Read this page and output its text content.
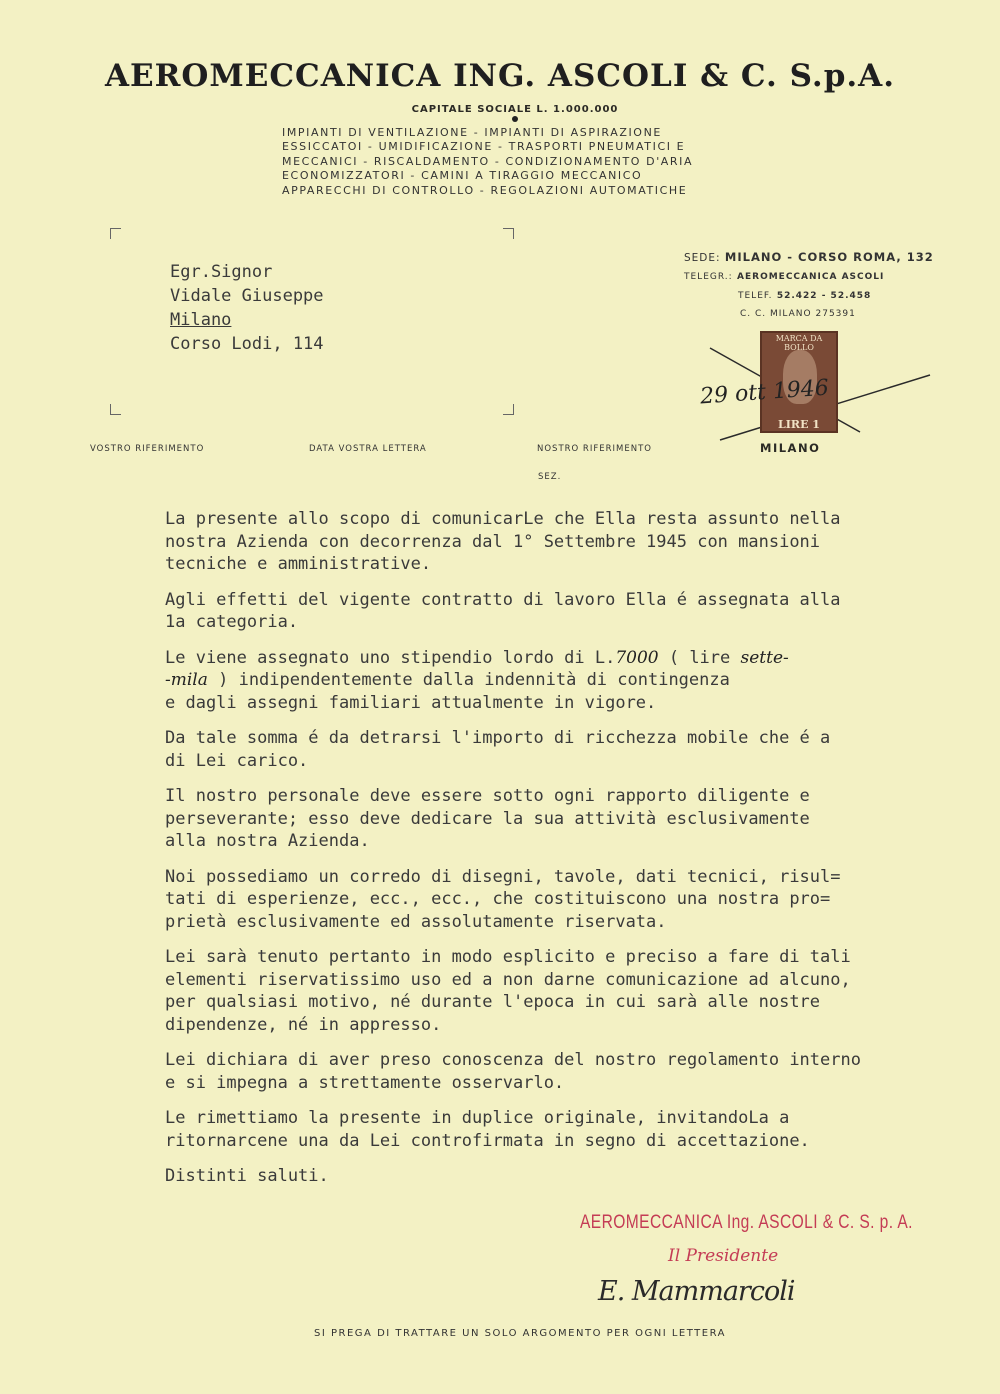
AEROMECCANICA ING. ASCOLI & C. S.p.A.
CAPITALE SOCIALE L. 1.000.000
IMPIANTI DI VENTILAZIONE - IMPIANTI DI ASPIRAZIONE
ESSICCATOI - UMIDIFICAZIONE - TRASPORTI PNEUMATICI E
MECCANICI - RISCALDAMENTO - CONDIZIONAMENTO D'ARIA
ECONOMIZZATORI - CAMINI A TIRAGGIO MECCANICO
APPARECCHI DI CONTROLLO - REGOLAZIONI AUTOMATICHE
Egr.Signor
Vidale Giuseppe
Milano
Corso Lodi, 114
SEDE: MILANO - CORSO ROMA, 132
TELEGR.: AEROMECCANICA ASCOLI
TELEF. 52.422 - 52.458
C. C. MILANO 275391
MARCA DA BOLLO
LIRE 1
29 ott 1946
MILANO
VOSTRO RIFERIMENTO	DATA VOSTRA LETTERA	NOSTRO RIFERIMENTO
SEZ.

La presente allo scopo di comunicarLe che Ella resta assunto nella
nostra Azienda con decorrenza dal 1° Settembre 1945 con mansioni
tecniche e amministrative.

Agli effetti del vigente contratto di lavoro Ella é assegnata alla
1a categoria.

Le viene assegnato uno stipendio lordo di L.7000 ( lire sette-
-mila ) indipendentemente dalla indennità di contingenza
e dagli assegni familiari attualmente in vigore.

Da tale somma é da detrarsi l'importo di ricchezza mobile che é a
di Lei carico.

Il nostro personale deve essere sotto ogni rapporto diligente e
perseverante; esso deve dedicare la sua attività esclusivamente
alla nostra Azienda.

Noi possediamo un corredo di disegni, tavole, dati tecnici, risul=
tati di esperienze, ecc., ecc., che costituiscono una nostra pro=
prietà esclusivamente ed assolutamente riservata.

Lei sarà tenuto pertanto in modo esplicito e preciso a fare di tali
elementi riservatissimo uso ed a non darne comunicazione ad alcuno,
per qualsiasi motivo, né durante l'epoca in cui sarà alle nostre
dipendenze, né in appresso.

Lei dichiara di aver preso conoscenza del nostro regolamento interno
e si impegna a strettamente osservarlo.

Le rimettiamo la presente in duplice originale, invitandoLa a
ritornarcene una da Lei controfirmata in segno di accettazione.

Distinti saluti.

AEROMECCANICA Ing. ASCOLI & C. S. p. A.
Il Presidente
E. Mammarcoli
SI PREGA DI TRATTARE UN SOLO ARGOMENTO PER OGNI LETTERA
